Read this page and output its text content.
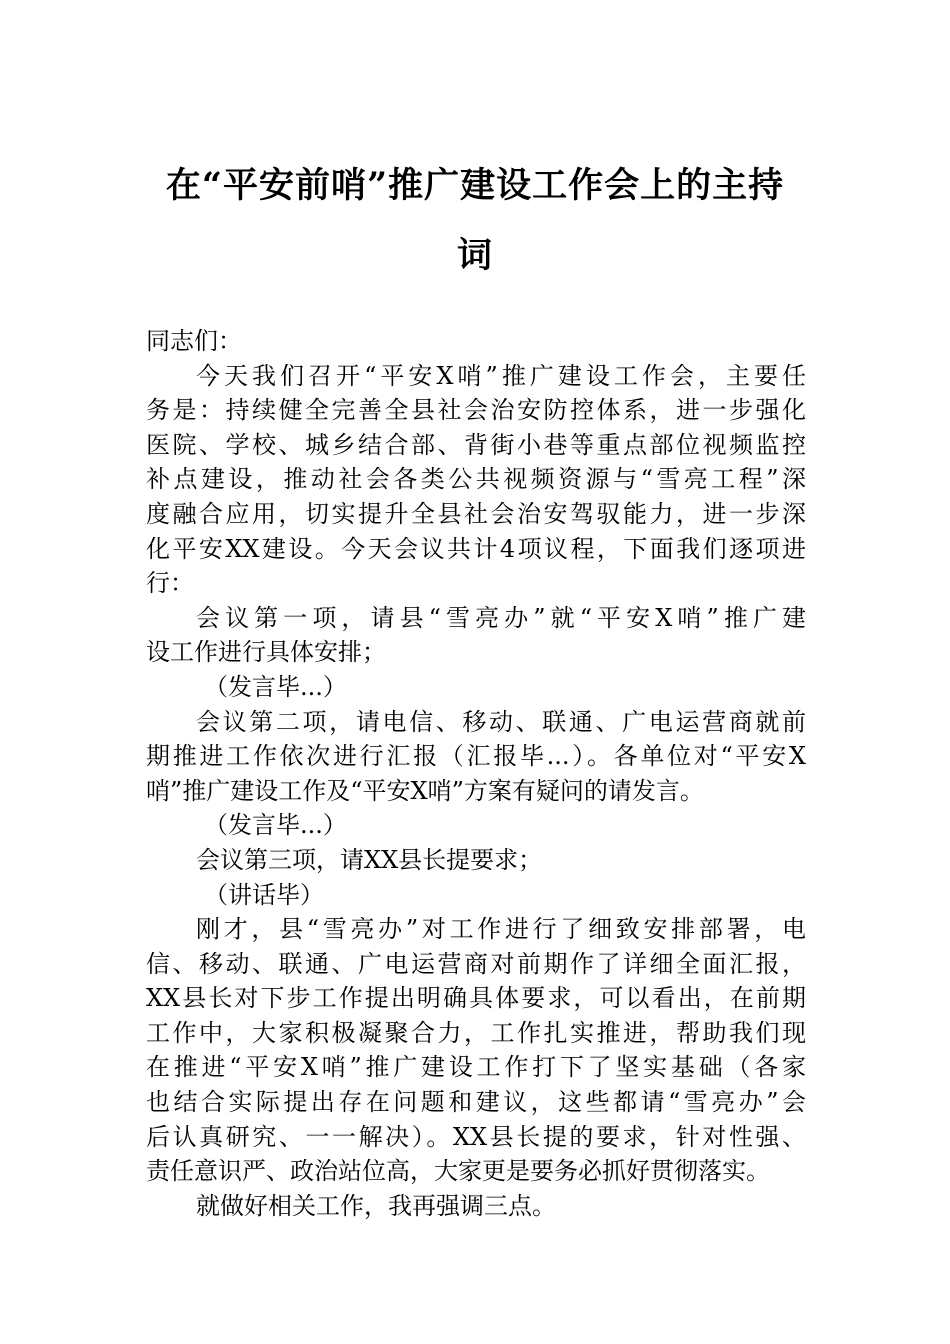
在“平安前哨”推广建设工作会上的主持
词
同志们：
今天我们召开“平安X哨”推广建设工作会，主要任
务是：持续健全完善全县社会治安防控体系，进一步强化
医院、学校、城乡结合部、背街小巷等重点部位视频监控
补点建设，推动社会各类公共视频资源与“雪亮工程”深
度融合应用，切实提升全县社会治安驾驭能力，进一步深
化平安XX建设。今天会议共计4项议程，下面我们逐项进
行：
会议第一项，请县“雪亮办”就“平安X哨”推广建
设工作进行具体安排；
（发言毕...）
会议第二项，请电信、移动、联通、广电运营商就前
期推进工作依次进行汇报（汇报毕...）。各单位对“平安X
哨”推广建设工作及“平安X哨”方案有疑问的请发言。
（发言毕...）
会议第三项，请XX县长提要求；
（讲话毕）
刚才，县“雪亮办”对工作进行了细致安排部署，电
信、移动、联通、广电运营商对前期作了详细全面汇报，
XX县长对下步工作提出明确具体要求，可以看出，在前期
工作中，大家积极凝聚合力，工作扎实推进，帮助我们现
在推进“平安X哨”推广建设工作打下了坚实基础（各家
也结合实际提出存在问题和建议，这些都请“雪亮办”会
后认真研究、一一解决）。XX县长提的要求，针对性强、
责任意识严、政治站位高，大家更是要务必抓好贯彻落实。
就做好相关工作，我再强调三点。
